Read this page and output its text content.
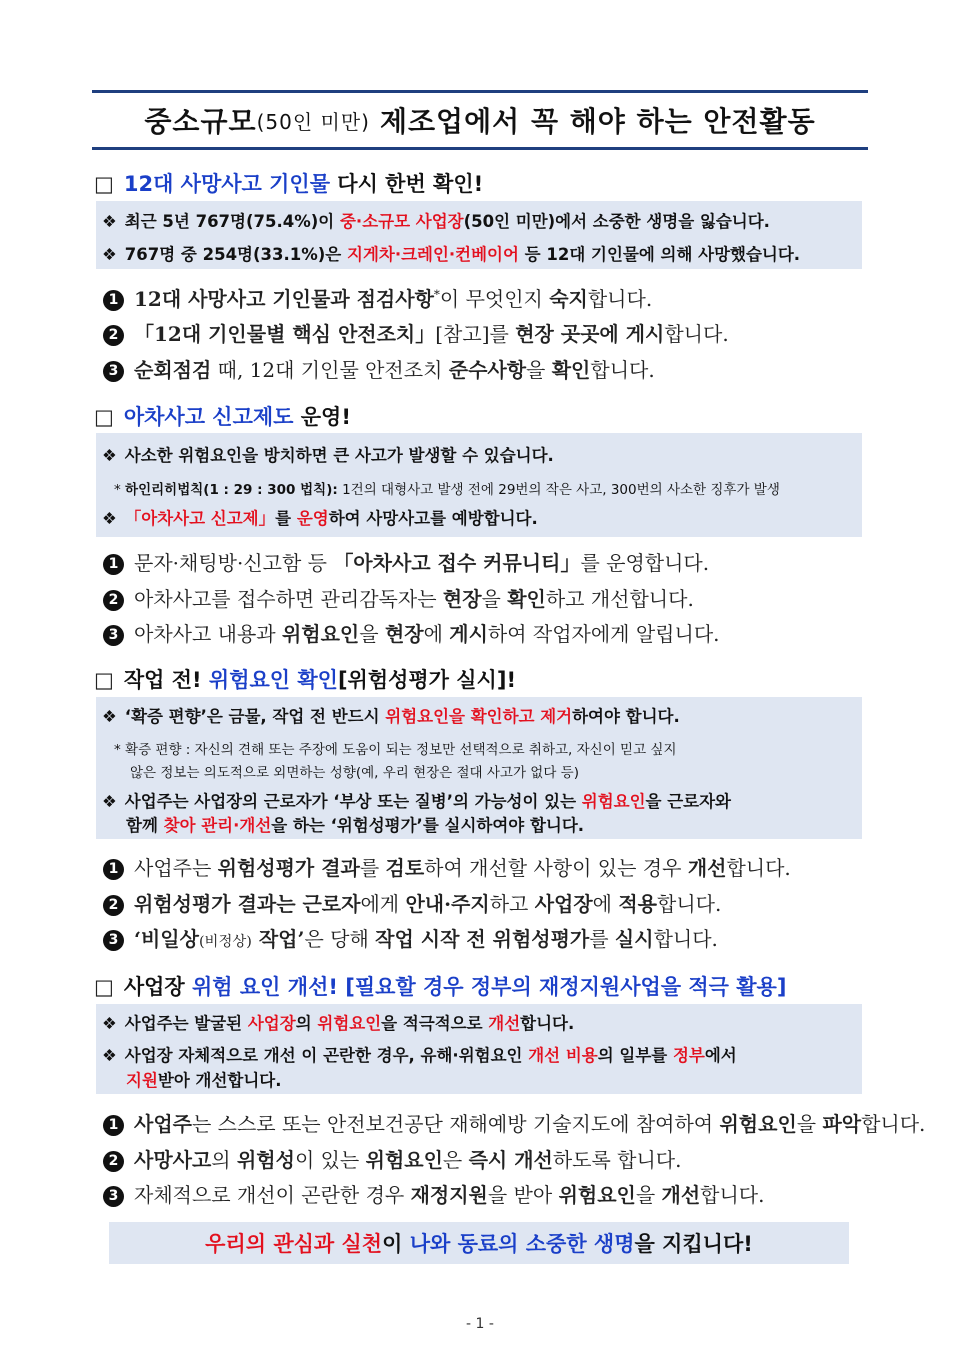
중소규모 (50인 미만) 제조업에서 꼭 해야 하는 안전활동
□ 12대 사망사고 기인물 다시 한번 확인!
❖ 최근 5년 767명(75.4%)이 중·소규모 사업장(50인 미만)에서 소중한 생명을 잃습니다.
❖ 767명 중 254명(33.1%)은 지게차·크레인·컨베이어 등 12대 기인물에 의해 사망했습니다.
1 12대 사망사고 기인물과 점검사항*이 무엇인지 숙지합니다.
2 「12대 기인물별 핵심 안전조치」[참고]를 현장 곳곳에 게시합니다.
3 순회점검 때, 12대 기인물 안전조치 준수사항을 확인합니다.
□ 아차사고 신고제도 운영!
❖ 사소한 위험요인을 방치하면 큰 사고가 발생할 수 있습니다.
* 하인리히법칙(1 : 29 : 300 법칙): 1건의 대형사고 발생 전에 29번의 작은 사고, 300번의 사소한 징후가 발생
❖ 「아차사고 신고제」를 운영하여 사망사고를 예방합니다.
1 문자·채팅방·신고함 등 「아차사고 접수 커뮤니티」를 운영합니다.
2 아차사고를 접수하면 관리감독자는 현장을 확인하고 개선합니다.
3 아차사고 내용과 위험요인을 현장에 게시하여 작업자에게 알립니다.
□ 작업 전! 위험요인 확인[위험성평가 실시]!
❖ ‘확증 편향’은 금물, 작업 전 반드시 위험요인을 확인하고 제거하여야 합니다.
* 확증 편향 : 자신의 견해 또는 주장에 도움이 되는 정보만 선택적으로 취하고, 자신이 믿고 싶지
않은 정보는 의도적으로 외면하는 성향(예, 우리 현장은 절대 사고가 없다 등)
❖ 사업주는 사업장의 근로자가 ‘부상 또는 질병’의 가능성이 있는 위험요인을 근로자와
함께 찾아 관리·개선을 하는 ‘위험성평가’를 실시하여야 합니다.
1 사업주는 위험성평가 결과를 검토하여 개선할 사항이 있는 경우 개선합니다.
2 위험성평가 결과는 근로자에게 안내·주지하고 사업장에 적용합니다.
3 ‘비일상(비정상) 작업’은 당해 작업 시작 전 위험성평가를 실시합니다.
□ 사업장 위험 요인 개선! [필요할 경우 정부의 재정지원사업을 적극 활용]
❖ 사업주는 발굴된 사업장의 위험요인을 적극적으로 개선합니다.
❖ 사업장 자체적으로 개선 이 곤란한 경우, 유해·위험요인 개선 비용의 일부를 정부에서
지원받아 개선합니다.
1 사업주는 스스로 또는 안전보건공단 재해예방 기술지도에 참여하여 위험요인을 파악합니다.
2 사망사고의 위험성이 있는 위험요인은 즉시 개선하도록 합니다.
3 자체적으로 개선이 곤란한 경우 재정지원을 받아 위험요인을 개선합니다.
우리의 관심과 실천이 나와 동료의 소중한 생명을 지킵니다!
- 1 -
